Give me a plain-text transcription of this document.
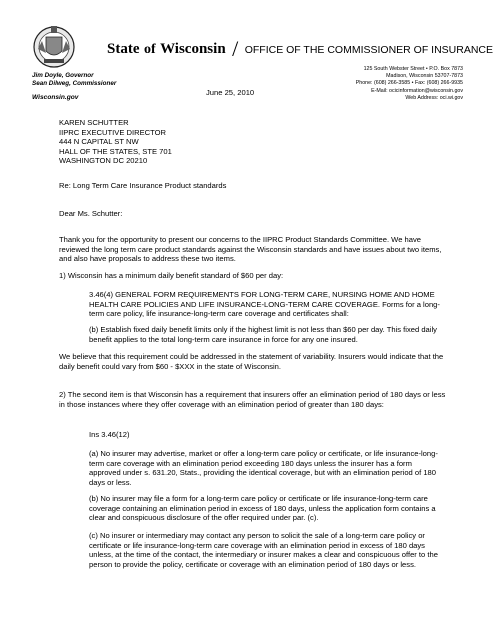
State of Wisconsin / OFFICE OF THE COMMISSIONER OF INSURANCE
Jim Doyle, Governor
Sean Dilweg, Commissioner
Wisconsin.gov
125 South Webster Street • P.O. Box 7873
Madison, Wisconsin 53707-7873
Phone: (608) 266-3585 • Fax: (608) 266-9935
E-Mail: ocicinformation@wisconsin.gov
Web Address: oci.wi.gov
June 25, 2010
KAREN SCHUTTER
IIPRC EXECUTIVE DIRECTOR
444 N CAPITAL ST NW
HALL OF THE STATES, STE 701
WASHINGTON DC 20210
Re: Long Term Care Insurance Product standards
Dear Ms. Schutter:

Thank you for the opportunity to present our concerns to the IIPRC Product Standards Committee. We have reviewed the long term care product standards against the Wisconsin standards and have issues about two items, and also have proposals to address these two items.

1) Wisconsin has a minimum daily benefit standard of $60 per day:

3.46(4) GENERAL FORM REQUIREMENTS FOR LONG-TERM CARE, NURSING HOME AND HOME HEALTH CARE POLICIES AND LIFE INSURANCE-LONG-TERM CARE COVERAGE. Forms for a long-term care policy, life insurance-long-term care coverage and certificates shall:

(b) Establish fixed daily benefit limits only if the highest limit is not less than $60 per day. This fixed daily benefit applies to the total long-term care insurance in force for any one insured.

We believe that this requirement could be addressed in the statement of variability. Insurers would indicate that the daily benefit could vary from $60 - $XXX in the state of Wisconsin.

2) The second item is that Wisconsin has a requirement that insurers offer an elimination period of 180 days or less in those instances where they offer coverage with an elimination period of greater than 180 days:

Ins 3.46(12)

(a) No insurer may advertise, market or offer a long-term care policy or certificate, or life insurance-long-term care coverage with an elimination period exceeding 180 days unless the insurer has a form approved under s. 631.20, Stats., providing the identical coverage, but with an elimination period of 180 days or less.

(b) No insurer may file a form for a long-term care policy or certificate or life insurance-long-term care coverage containing an elimination period in excess of 180 days, unless the application form contains a clear and conspicuous disclosure of the offer required under par. (c).

(c) No insurer or intermediary may contact any person to solicit the sale of a long-term care policy or certificate or life insurance-long-term care coverage with an elimination period in excess of 180 days unless, at the time of the contact, the intermediary or insurer makes a clear and conspicuous offer to the person to provide the policy, certificate or coverage with an elimination period of 180 days or less.
